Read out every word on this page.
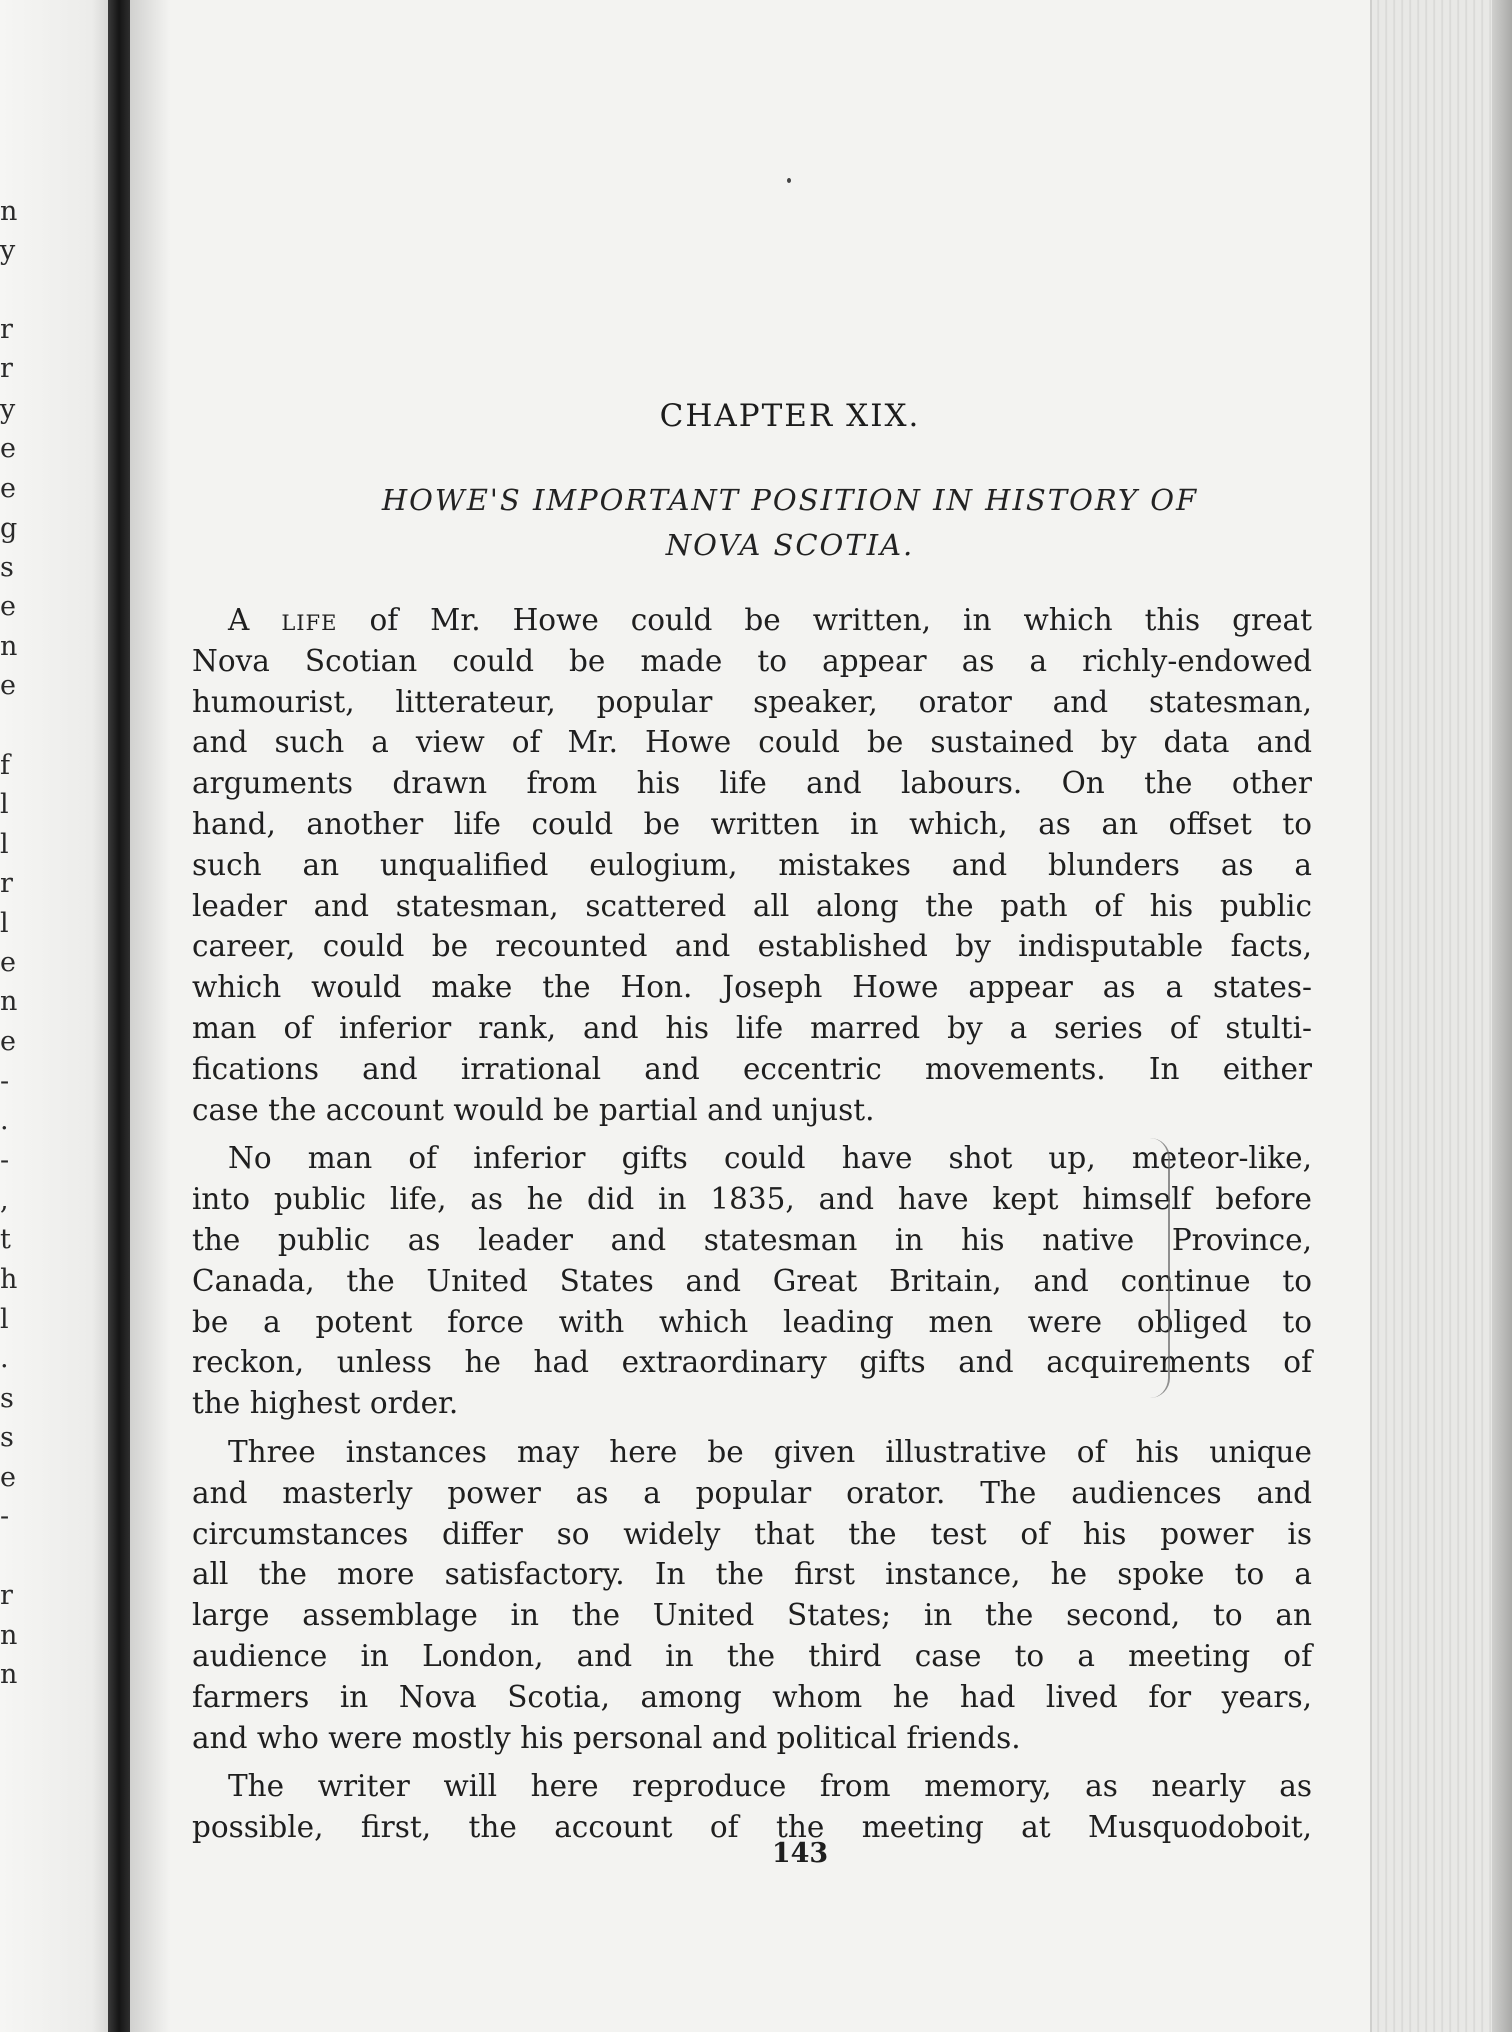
n
y
r
r
y
e
e
g
s
e
n
e
f
l
l
r
l
e
n
e
-
.
-
,
t
h
l
.
s
s
e
-
r
n
n
CHAPTER XIX.
HOWE'S IMPORTANT POSITION IN HISTORY OF
NOVA SCOTIA.
A life of Mr. Howe could be written, in which this great
Nova Scotian could be made to appear as a richly-endowed
humourist, litterateur, popular speaker, orator and statesman,
and such a view of Mr. Howe could be sustained by data and
arguments drawn from his life and labours. On the other
hand, another life could be written in which, as an offset to
such an unqualified eulogium, mistakes and blunders as a
leader and statesman, scattered all along the path of his public
career, could be recounted and established by indisputable facts,
which would make the Hon. Joseph Howe appear as a states-
man of inferior rank, and his life marred by a series of stulti-
fications and irrational and eccentric movements. In either
case the account would be partial and unjust.
No man of inferior gifts could have shot up, meteor-like,
into public life, as he did in 1835, and have kept himself before
the public as leader and statesman in his native Province,
Canada, the United States and Great Britain, and continue to
be a potent force with which leading men were obliged to
reckon, unless he had extraordinary gifts and acquirements of
the highest order.
Three instances may here be given illustrative of his unique
and masterly power as a popular orator. The audiences and
circumstances differ so widely that the test of his power is
all the more satisfactory. In the first instance, he spoke to a
large assemblage in the United States; in the second, to an
audience in London, and in the third case to a meeting of
farmers in Nova Scotia, among whom he had lived for years,
and who were mostly his personal and political friends.
The writer will here reproduce from memory, as nearly as
possible, first, the account of the meeting at Musquodoboit,
143
